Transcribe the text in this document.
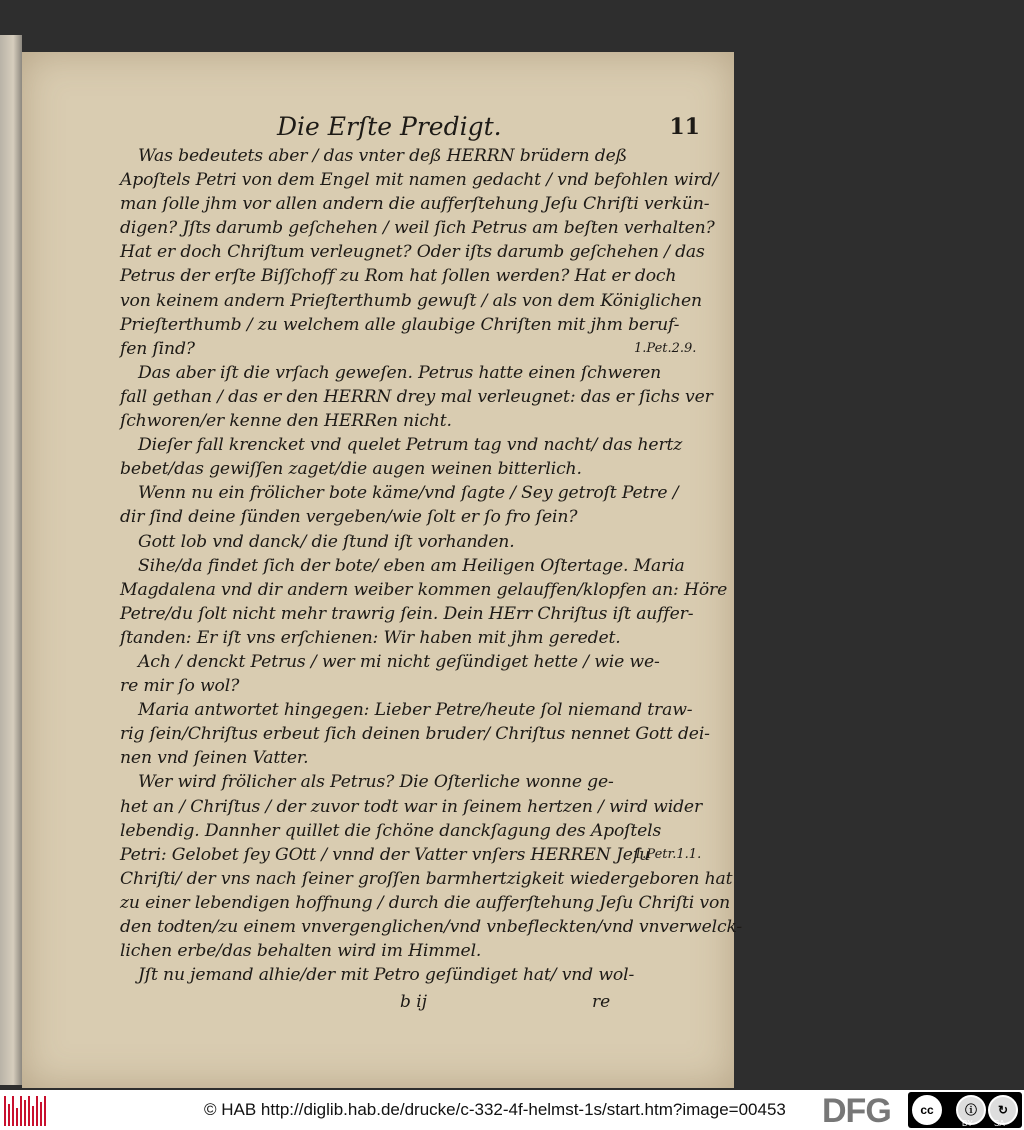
Die Erſte Predigt.	11
Was bedeutets aber / das vnter deß HERRN brüdern deß
Apoſtels Petri von dem Engel mit namen gedacht / vnd befohlen wird/
man ſolle jhm vor allen andern die aufferſtehung Jeſu Chriſti verkün-
digen? Jſts darumb geſchehen / weil ſich Petrus am beſten verhalten?
Hat er doch Chriſtum verleugnet? Oder iſts darumb geſchehen / das
Petrus der erſte Biſſchoff zu Rom hat ſollen werden? Hat er doch
von keinem andern Prieſterthumb gewuſt / als von dem Königlichen
Prieſterthumb / zu welchem alle glaubige Chriſten mit jhm beruf-
fen ſind?
Das aber iſt die vrſach geweſen. Petrus hatte einen ſchweren
fall gethan / das er den HERRN drey mal verleugnet: das er ſichs ver
ſchworen/er kenne den HERRen nicht.
Dieſer fall krencket vnd quelet Petrum tag vnd nacht/ das hertz
bebet/das gewiſſen zaget/die augen weinen bitterlich.
Wenn nu ein frölicher bote käme/vnd ſagte / Sey getroſt Petre /
dir ſind deine ſünden vergeben/wie ſolt er ſo fro ſein?
Gott lob vnd danck/ die ſtund iſt vorhanden.
Sihe/da findet ſich der bote/ eben am Heiligen Oſtertage. Maria
Magdalena vnd dir andern weiber kommen gelauffen/klopfen an: Höre
Petre/du ſolt nicht mehr trawrig ſein. Dein HErr Chriſtus iſt auffer-
ſtanden: Er iſt vns erſchienen: Wir haben mit jhm geredet.
Ach / denckt Petrus / wer mi nicht geſündiget hette / wie we-
re mir ſo wol?
Maria antwortet hingegen: Lieber Petre/heute ſol niemand traw-
rig ſein/Chriſtus erbeut ſich deinen bruder/ Chriſtus nennet Gott dei-
nen vnd ſeinen Vatter.
Wer wird frölicher als Petrus? Die Oſterliche wonne ge-
het an / Chriſtus / der zuvor todt war in ſeinem hertzen / wird wider
lebendig. Dannher quillet die ſchöne danckſagung des Apoſtels
Petri: Gelobet ſey GOtt / vnnd der Vatter vnſers HERREN Jeſu
Chriſti/ der vns nach ſeiner groſſen barmhertzigkeit wiedergeboren hat
zu einer lebendigen hoffnung / durch die aufferſtehung Jeſu Chriſti von
den todten/zu einem vnvergenglichen/vnd vnbefleckten/vnd vnverwelck-
lichen erbe/das behalten wird im Himmel.
Jſt nu jemand alhie/der mit Petro geſündiget hat/ vnd wol-
1.Pet.2.9.
1.Petr.1.1.
b ij	re
© HAB http://diglib.hab.de/drucke/c-332-4f-helmst-1s/start.htm?image=00453 DFG	cc	ⓘ	↻
BY	SA
